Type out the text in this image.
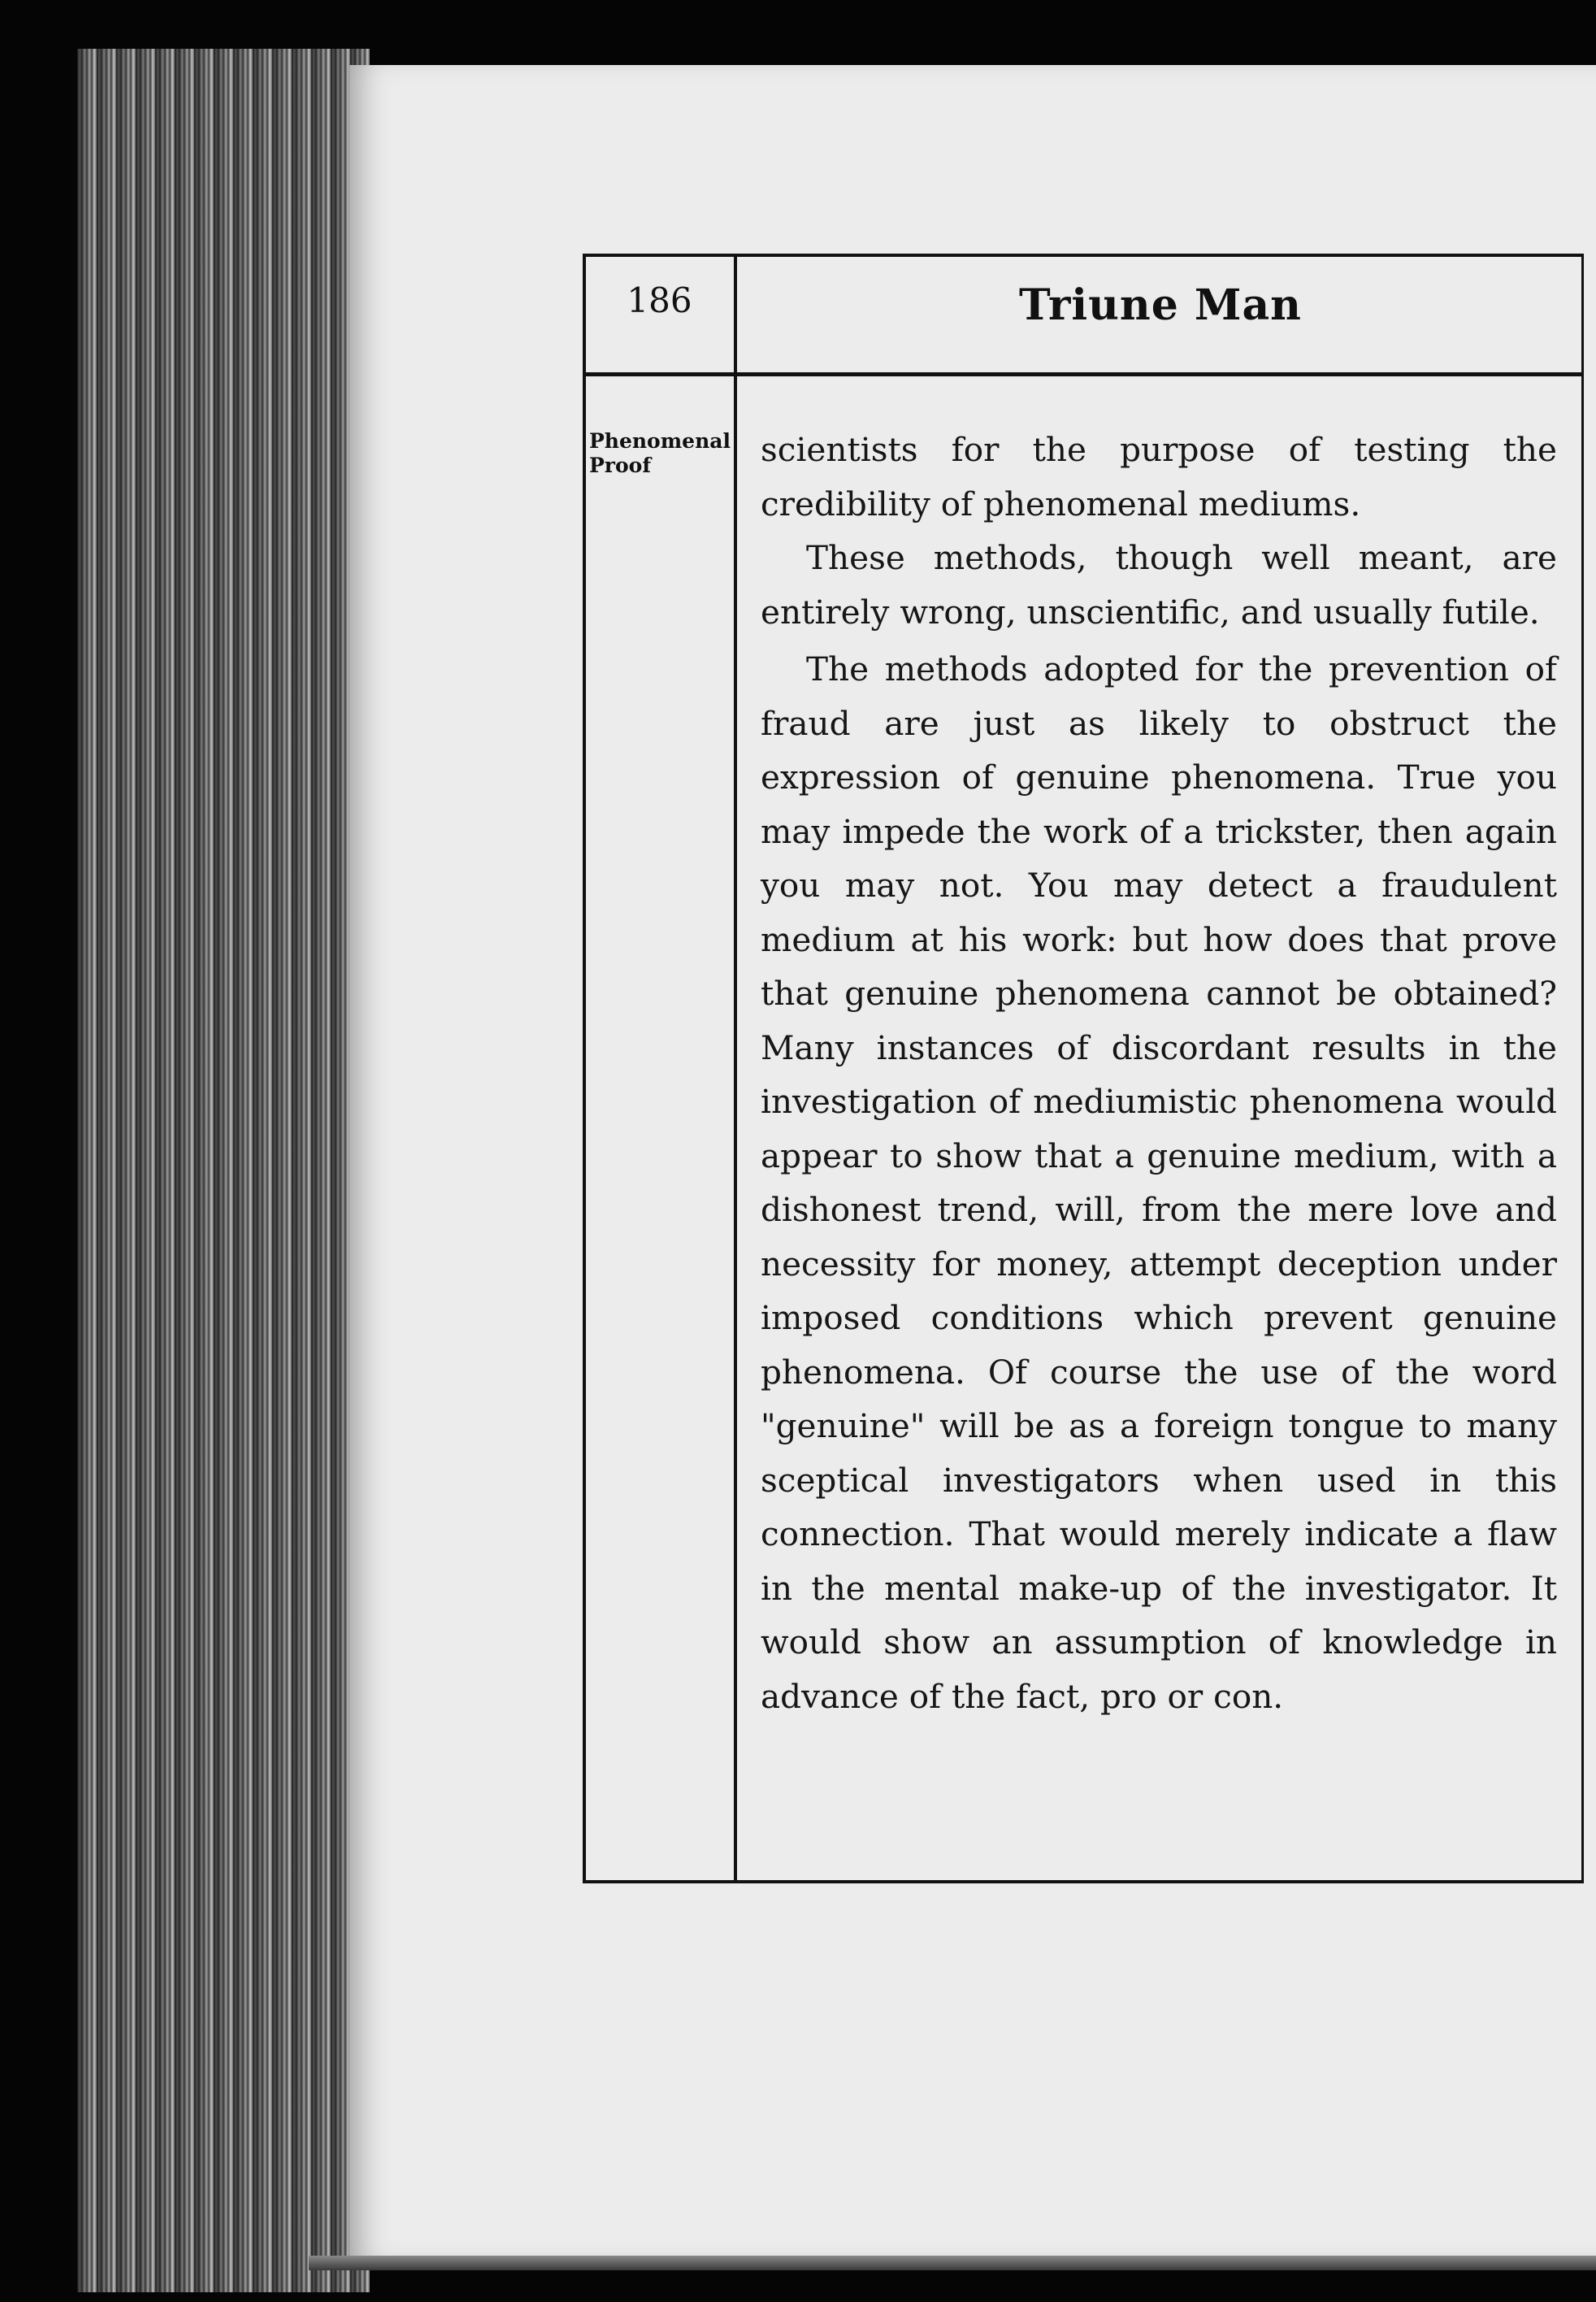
186	Triune Man
Phenomenal Proof	scientists for the purpose of testing the credibility of phenomenal mediums.

These methods, though well meant, are entirely wrong, unscientific, and usually futile.

The methods adopted for the prevention of fraud are just as likely to obstruct the expression of genuine phenomena. True you may impede the work of a trickster, then again you may not. You may detect a fraudulent medium at his work: but how does that prove that genuine phenomena cannot be obtained? Many instances of discordant results in the investigation of mediumistic phenomena would appear to show that a genuine medium, with a dishonest trend, will, from the mere love and necessity for money, attempt deception under imposed conditions which prevent genuine phenomena. Of course the use of the word "genuine" will be as a foreign tongue to many sceptical investigators when used in this connection. That would merely indicate a flaw in the mental make-up of the investigator. It would show an assumption of knowledge in advance of the fact, pro or con.
